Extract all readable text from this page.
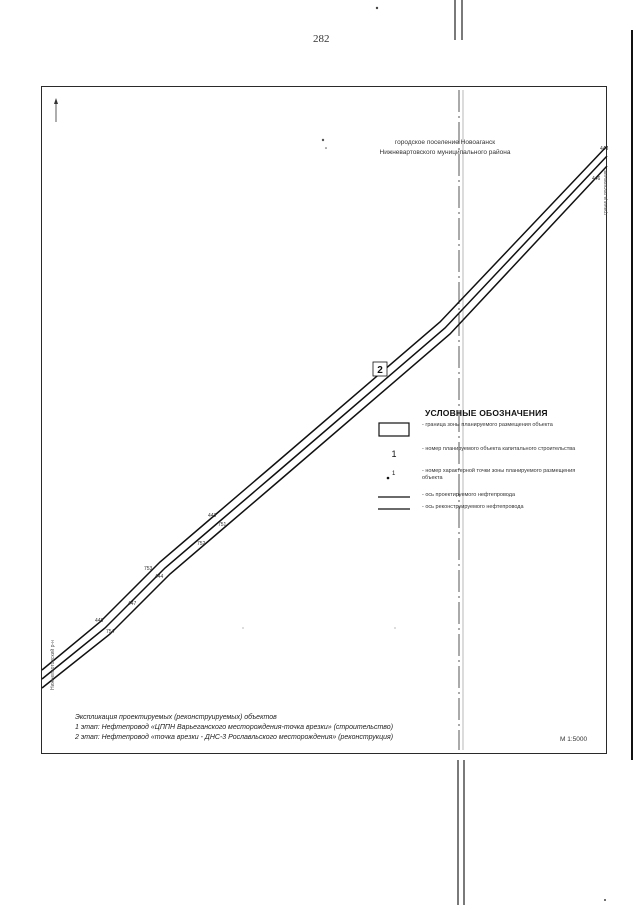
282
2
448
754
447
753
444
752
443
751
446
448
городское поселение Новоаганск
Нижневартовского муниципального района
УСЛОВНЫЕ ОБОЗНАЧЕНИЯ
- граница зоны планируемого размещения объекта
1	- номер планируемого объекта капитального строительства
1	- номер характерной точки зоны планируемого размещения объекта
- ось проектируемого нефтепровода
- ось реконструируемого нефтепровода
Экспликация проектируемых (реконструируемых) объектов
1 этап: Нефтепровод «ЦППН Варьеганского месторождения-точка врезки» (строительство)
2 этап: Нефтепровод «точка врезки - ДНС-3 Рославльского месторождения» (реконструкция)	М 1:5000
Нижневартовский р-н
граница поселения
